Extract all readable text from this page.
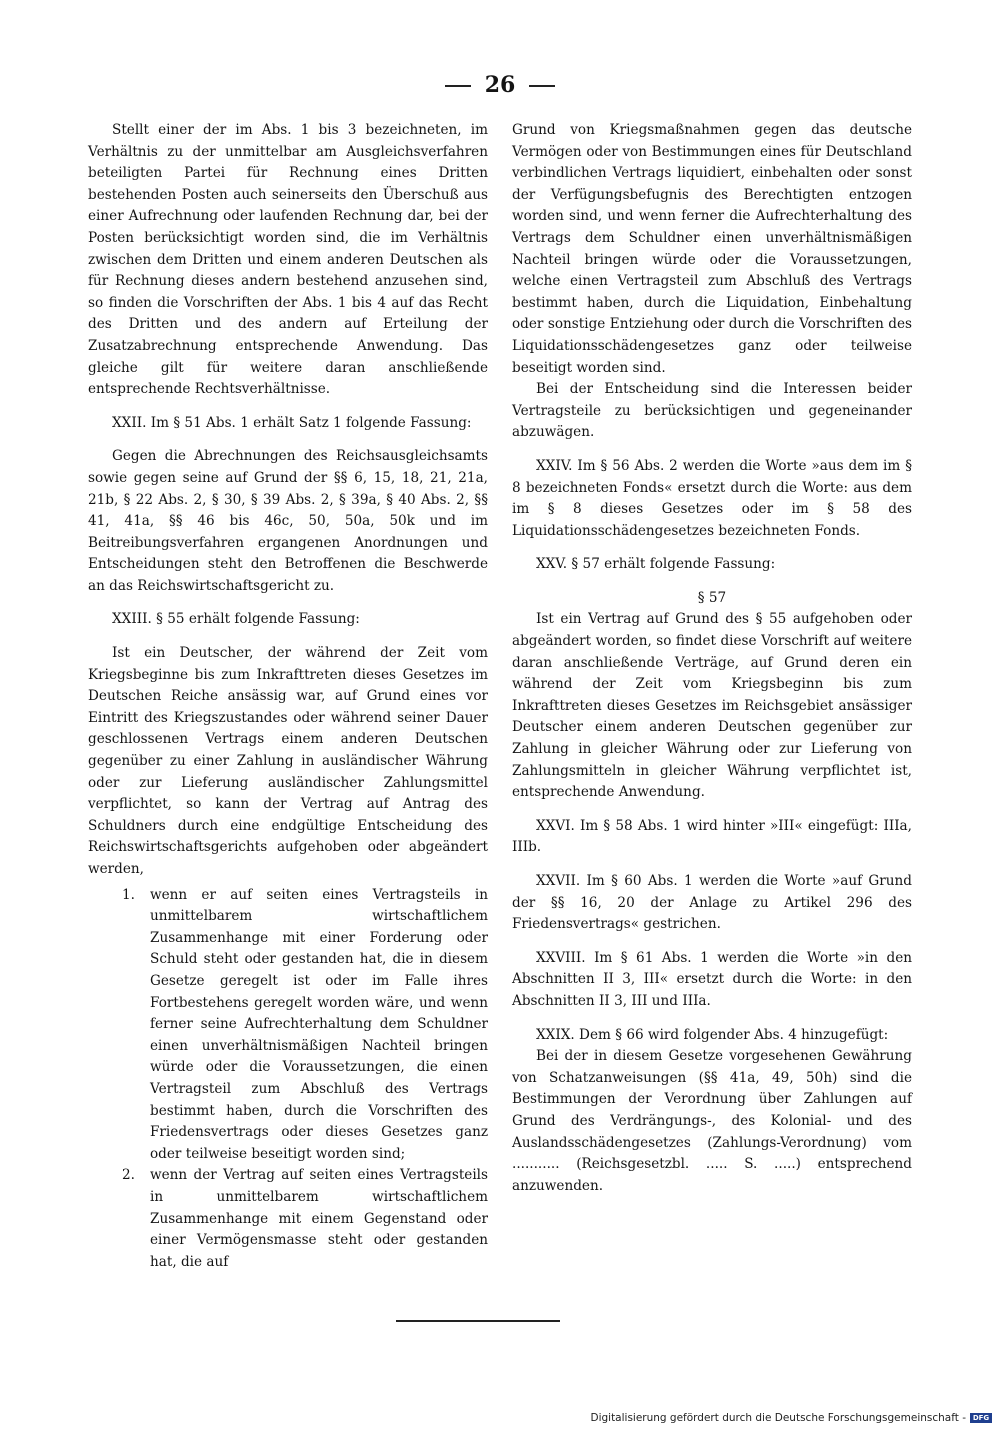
26

Stellt einer der im Abs. 1 bis 3 bezeichneten, im Verhältnis zu der unmittelbar am Ausgleichsverfahren beteiligten Partei für Rechnung eines Dritten bestehenden Posten auch seinerseits den Überschuß aus einer Aufrechnung oder laufenden Rechnung dar, bei der Posten berücksichtigt worden sind, die im Verhältnis zwischen dem Dritten und einem anderen Deutschen als für Rechnung dieses andern bestehend anzusehen sind, so finden die Vorschriften der Abs. 1 bis 4 auf das Recht des Dritten und des andern auf Erteilung der Zusatzabrechnung entsprechende Anwendung. Das gleiche gilt für weitere daran anschließende entsprechende Rechtsverhältnisse.

XXII. Im § 51 Abs. 1 erhält Satz 1 folgende Fassung:

Gegen die Abrechnungen des Reichsausgleichsamts sowie gegen seine auf Grund der §§ 6, 15, 18, 21, 21a, 21b, § 22 Abs. 2, § 30, § 39 Abs. 2, § 39a, § 40 Abs. 2, §§ 41, 41a, §§ 46 bis 46c, 50, 50a, 50k und im Beitreibungsverfahren ergangenen Anordnungen und Entscheidungen steht den Betroffenen die Beschwerde an das Reichswirtschaftsgericht zu.

XXIII. § 55 erhält folgende Fassung:

Ist ein Deutscher, der während der Zeit vom Kriegsbeginne bis zum Inkrafttreten dieses Gesetzes im Deutschen Reiche ansässig war, auf Grund eines vor Eintritt des Kriegszustandes oder während seiner Dauer geschlossenen Vertrags einem anderen Deutschen gegenüber zu einer Zahlung in ausländischer Währung oder zur Lieferung ausländischer Zahlungsmittel verpflichtet, so kann der Vertrag auf Antrag des Schuldners durch eine endgültige Entscheidung des Reichswirtschaftsgerichts aufgehoben oder abgeändert werden,

1.	wenn er auf seiten eines Vertragsteils in unmittelbarem wirtschaftlichem Zusammenhange mit einer Forderung oder Schuld steht oder gestanden hat, die in diesem Gesetze geregelt ist oder im Falle ihres Fortbestehens geregelt worden wäre, und wenn ferner seine Aufrechterhaltung dem Schuldner einen unverhältnismäßigen Nachteil bringen würde oder die Voraussetzungen, die einen Vertragsteil zum Abschluß des Vertrags bestimmt haben, durch die Vorschriften des Friedensvertrags oder dieses Gesetzes ganz oder teilweise beseitigt worden sind;
2.	wenn der Vertrag auf seiten eines Vertragsteils in unmittelbarem wirtschaftlichem Zusammenhange mit einem Gegenstand oder einer Vermögensmasse steht oder gestanden hat, die auf

Grund von Kriegsmaßnahmen gegen das deutsche Vermögen oder von Bestimmungen eines für Deutschland verbindlichen Vertrags liquidiert, einbehalten oder sonst der Verfügungsbefugnis des Berechtigten entzogen worden sind, und wenn ferner die Aufrechterhaltung des Vertrags dem Schuldner einen unverhältnismäßigen Nachteil bringen würde oder die Voraussetzungen, welche einen Vertragsteil zum Abschluß des Vertrags bestimmt haben, durch die Liquidation, Einbehaltung oder sonstige Entziehung oder durch die Vorschriften des Liquidationsschädengesetzes ganz oder teilweise beseitigt worden sind.

Bei der Entscheidung sind die Interessen beider Vertragsteile zu berücksichtigen und gegeneinander abzuwägen.

XXIV. Im § 56 Abs. 2 werden die Worte »aus dem im § 8 bezeichneten Fonds« ersetzt durch die Worte: aus dem im § 8 dieses Gesetzes oder im § 58 des Liquidationsschädengesetzes bezeichneten Fonds.

XXV. § 57 erhält folgende Fassung:

§ 57

Ist ein Vertrag auf Grund des § 55 aufgehoben oder abgeändert worden, so findet diese Vorschrift auf weitere daran anschließende Verträge, auf Grund deren ein während der Zeit vom Kriegsbeginn bis zum Inkrafttreten dieses Gesetzes im Reichsgebiet ansässiger Deutscher einem anderen Deutschen gegenüber zur Zahlung in gleicher Währung oder zur Lieferung von Zahlungsmitteln in gleicher Währung verpflichtet ist, entsprechende Anwendung.

XXVI. Im § 58 Abs. 1 wird hinter »III« eingefügt: IIIa, IIIb.

XXVII. Im § 60 Abs. 1 werden die Worte »auf Grund der §§ 16, 20 der Anlage zu Artikel 296 des Friedensvertrags« gestrichen.

XXVIII. Im § 61 Abs. 1 werden die Worte »in den Abschnitten II 3, III« ersetzt durch die Worte: in den Abschnitten II 3, III und IIIa.

XXIX. Dem § 66 wird folgender Abs. 4 hinzugefügt:

Bei der in diesem Gesetze vorgesehenen Gewährung von Schatzanweisungen (§§ 41a, 49, 50h) sind die Bestimmungen der Verordnung über Zahlungen auf Grund des Verdrängungs-, des Kolonial- und des Auslandsschädengesetzes (Zahlungs-Verordnung) vom ........... (Reichsgesetzbl. ..... S. .....) entsprechend anzuwenden.

Digitalisierung gefördert durch die Deutsche Forschungsgemeinschaft - DFG
